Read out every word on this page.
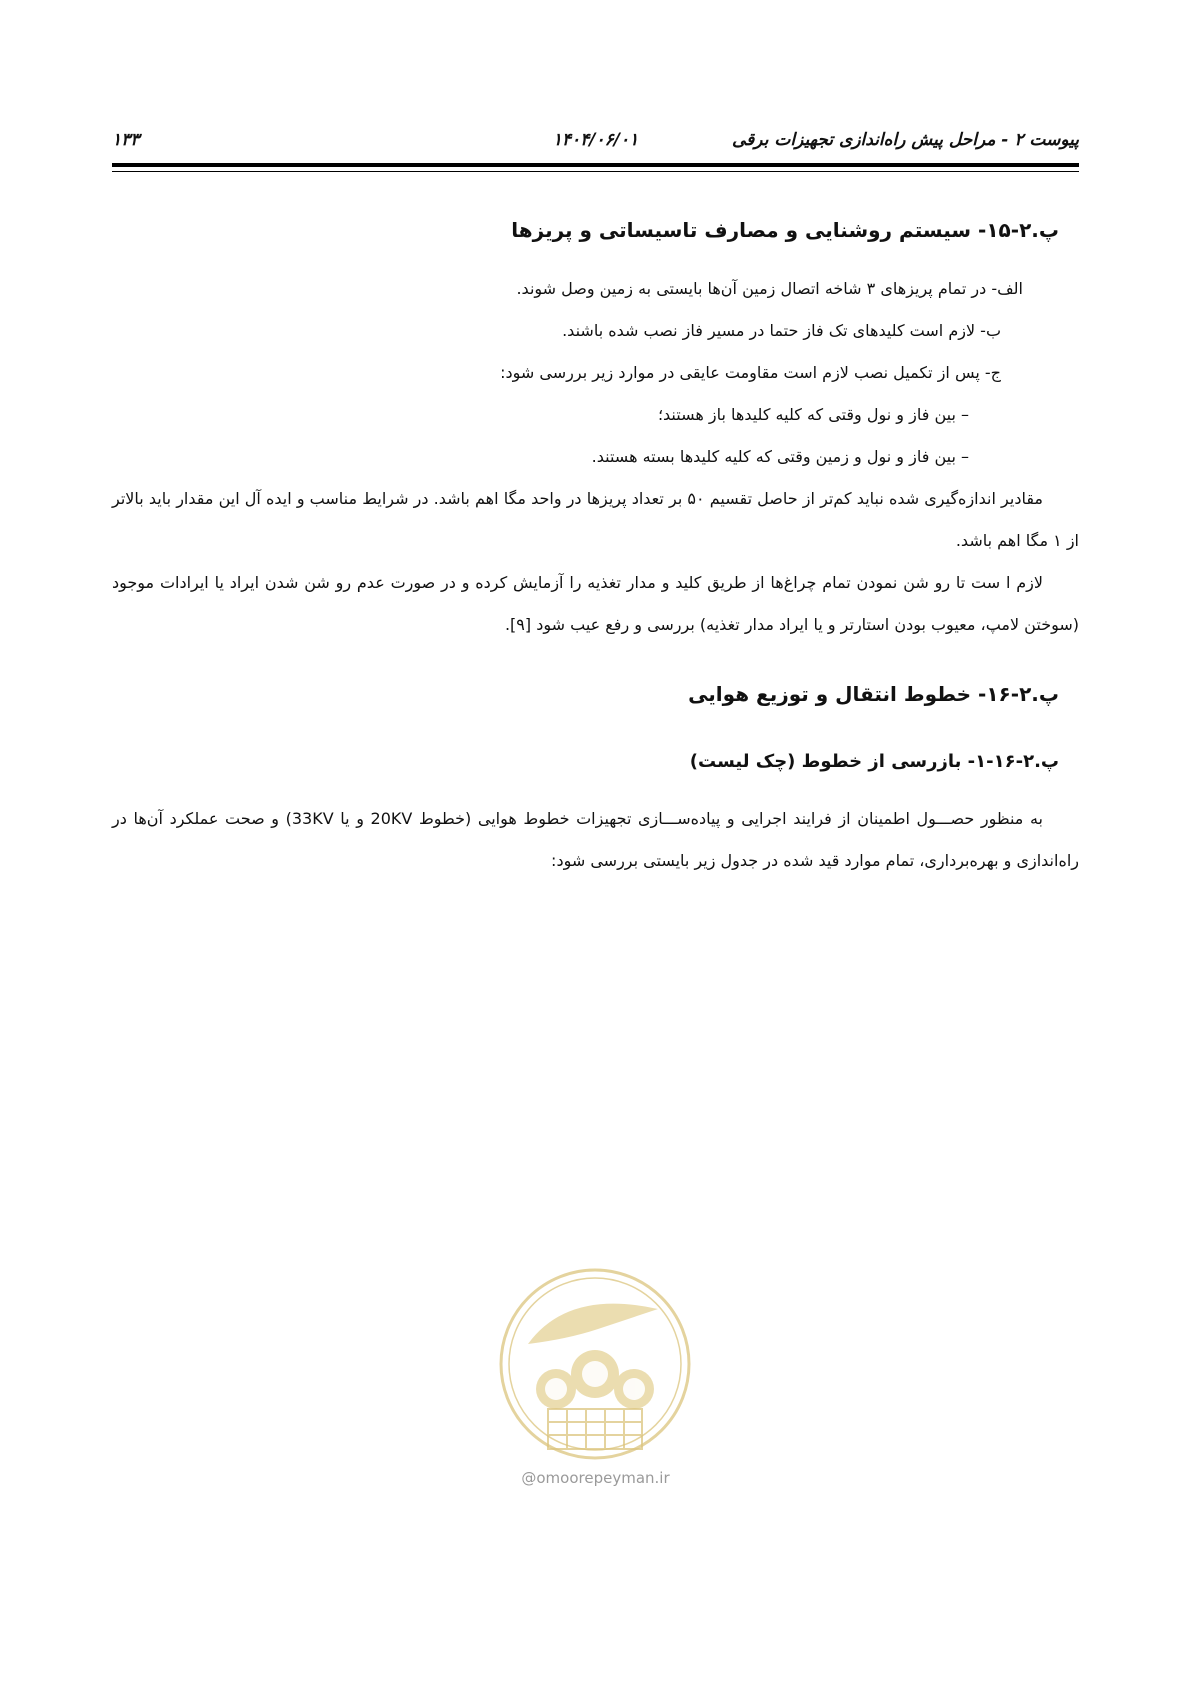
پیوست ۲ - مراحل پیش راه‌اندازی تجهیزات برقی
۱۴۰۴/۰۶/۰۱
۱۳۳
پ.۲-۱۵- سیستم روشنایی و مصارف تاسیساتی و پریزها

الف- در تمام پریزهای ۳ شاخه اتصال زمین آن‌ها بایستی به زمین وصل شوند.

ب- لازم است کلیدهای تک فاز حتما در مسیر فاز نصب شده باشند.

ج- پس از تکمیل نصب لازم است مقاومت عایقی در موارد زیر بررسی شود:

– بین فاز و نول وقتی که کلیه کلیدها باز هستند؛

– بین فاز و نول و زمین وقتی که کلیه کلیدها بسته هستند.

مقادیر اندازه‌گیری شده نباید کم‌تر از حاصل تقسیم ۵۰ بر تعداد پریزها در واحد مگا اهم باشد. در شرایط مناسب و ایده آل این مقدار باید بالاتر از ۱ مگا اهم باشد.

لازم ا ست تا رو شن نمودن تمام چراغ‌ها از طریق کلید و مدار تغذیه را آزمایش کرده و در صورت عدم رو شن شدن ایراد یا ایرادات موجود (سوختن لامپ، معیوب بودن استارتر و یا ایراد مدار تغذیه) بررسی و رفع عیب شود [۹].

پ.۲-۱۶- خطوط انتقال و توزیع هوایی
پ.۲-۱۶-۱- بازرسی از خطوط (چک لیست)

به منظور حصـــول اطمینان از فرایند اجرایی و پیاده‌ســـازی تجهیزات خطوط هوایی (خطوط 20KV و یا 33KV) و صحت عملکرد آن‌ها در راه‌اندازی و بهره‌برداری، تمام موارد قید شده در جدول زیر بایستی بررسی شود:

@omoorepeyman.ir
